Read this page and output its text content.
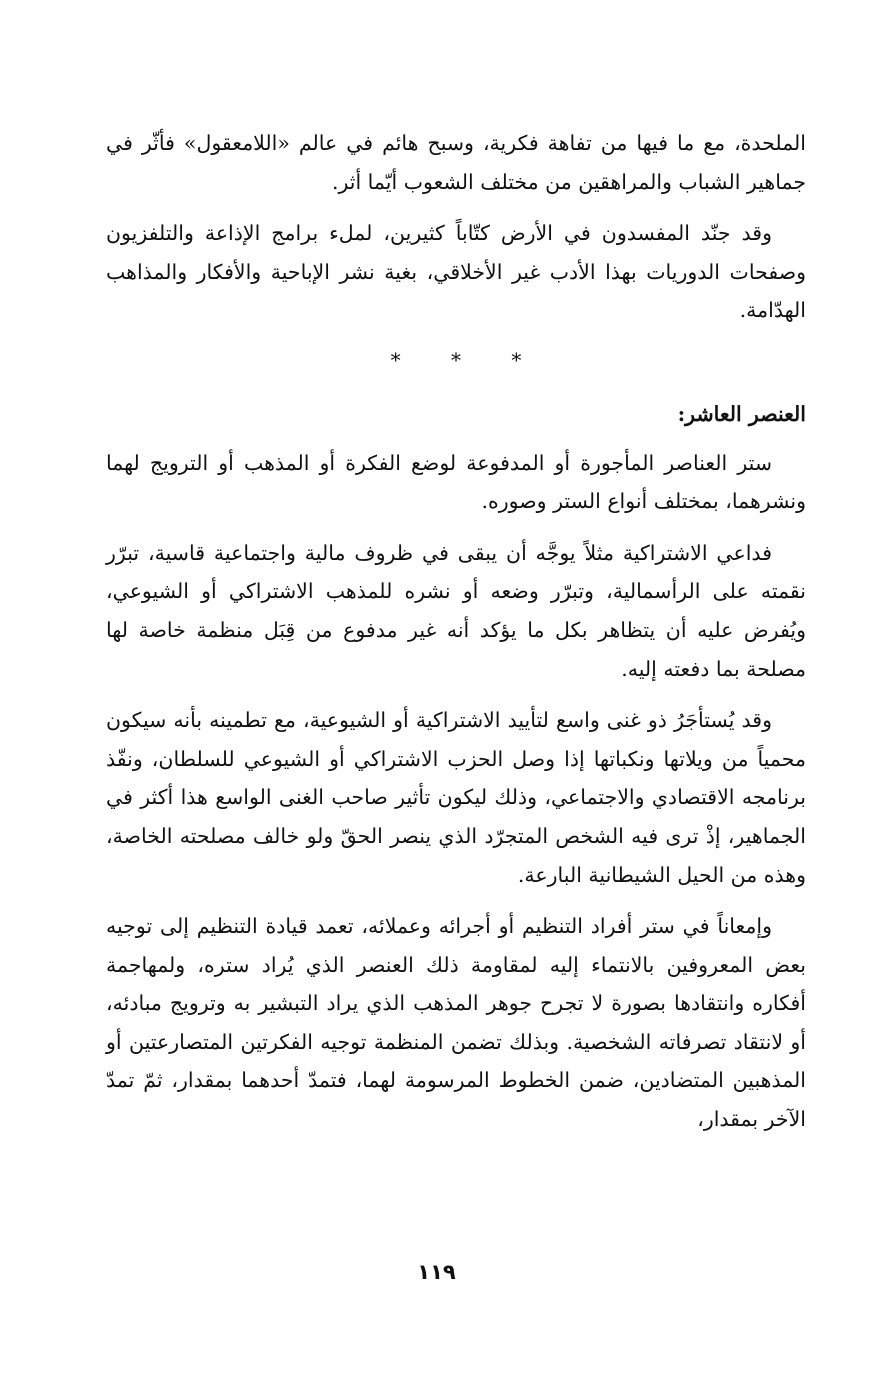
الملحدة، مع ما فيها من تفاهة فكرية، وسبح هائم في عالم «اللامعقول» فأثّر في جماهير الشباب والمراهقين من مختلف الشعوب أيّما أثر.

وقد جنّد المفسدون في الأرض كتّاباً كثيرين، لملء برامج الإذاعة والتلفزيون وصفحات الدوريات بهذا الأدب غير الأخلاقي، بغية نشر الإباحية والأفكار والمذاهب الهدّامة.

* * *
العنصر العاشر:

ستر العناصر المأجورة أو المدفوعة لوضع الفكرة أو المذهب أو الترويج لهما ونشرهما، بمختلف أنواع الستر وصوره.

فداعي الاشتراكية مثلاً يوجَّه أن يبقى في ظروف مالية واجتماعية قاسية، تبرّر نقمته على الرأسمالية، وتبرّر وضعه أو نشره للمذهب الاشتراكي أو الشيوعي، ويُفرض عليه أن يتظاهر بكل ما يؤكد أنه غير مدفوع من قِبَل منظمة خاصة لها مصلحة بما دفعته إليه.

وقد يُستأجَرُ ذو غنى واسع لتأييد الاشتراكية أو الشيوعية، مع تطمينه بأنه سيكون محمياً من ويلاتها ونكباتها إذا وصل الحزب الاشتراكي أو الشيوعي للسلطان، ونفّذ برنامجه الاقتصادي والاجتماعي، وذلك ليكون تأثير صاحب الغنى الواسع هذا أكثر في الجماهير، إذْ ترى فيه الشخص المتجرّد الذي ينصر الحقّ ولو خالف مصلحته الخاصة، وهذه من الحيل الشيطانية البارعة.

وإمعاناً في ستر أفراد التنظيم أو أجرائه وعملائه، تعمد قيادة التنظيم إلى توجيه بعض المعروفين بالانتماء إليه لمقاومة ذلك العنصر الذي يُراد ستره، ولمهاجمة أفكاره وانتقادها بصورة لا تجرح جوهر المذهب الذي يراد التبشير به وترويج مبادئه، أو لانتقاد تصرفاته الشخصية. وبذلك تضمن المنظمة توجيه الفكرتين المتصارعتين أو المذهبين المتضادين، ضمن الخطوط المرسومة لهما، فتمدّ أحدهما بمقدار، ثمّ تمدّ الآخر بمقدار،

١١٩
